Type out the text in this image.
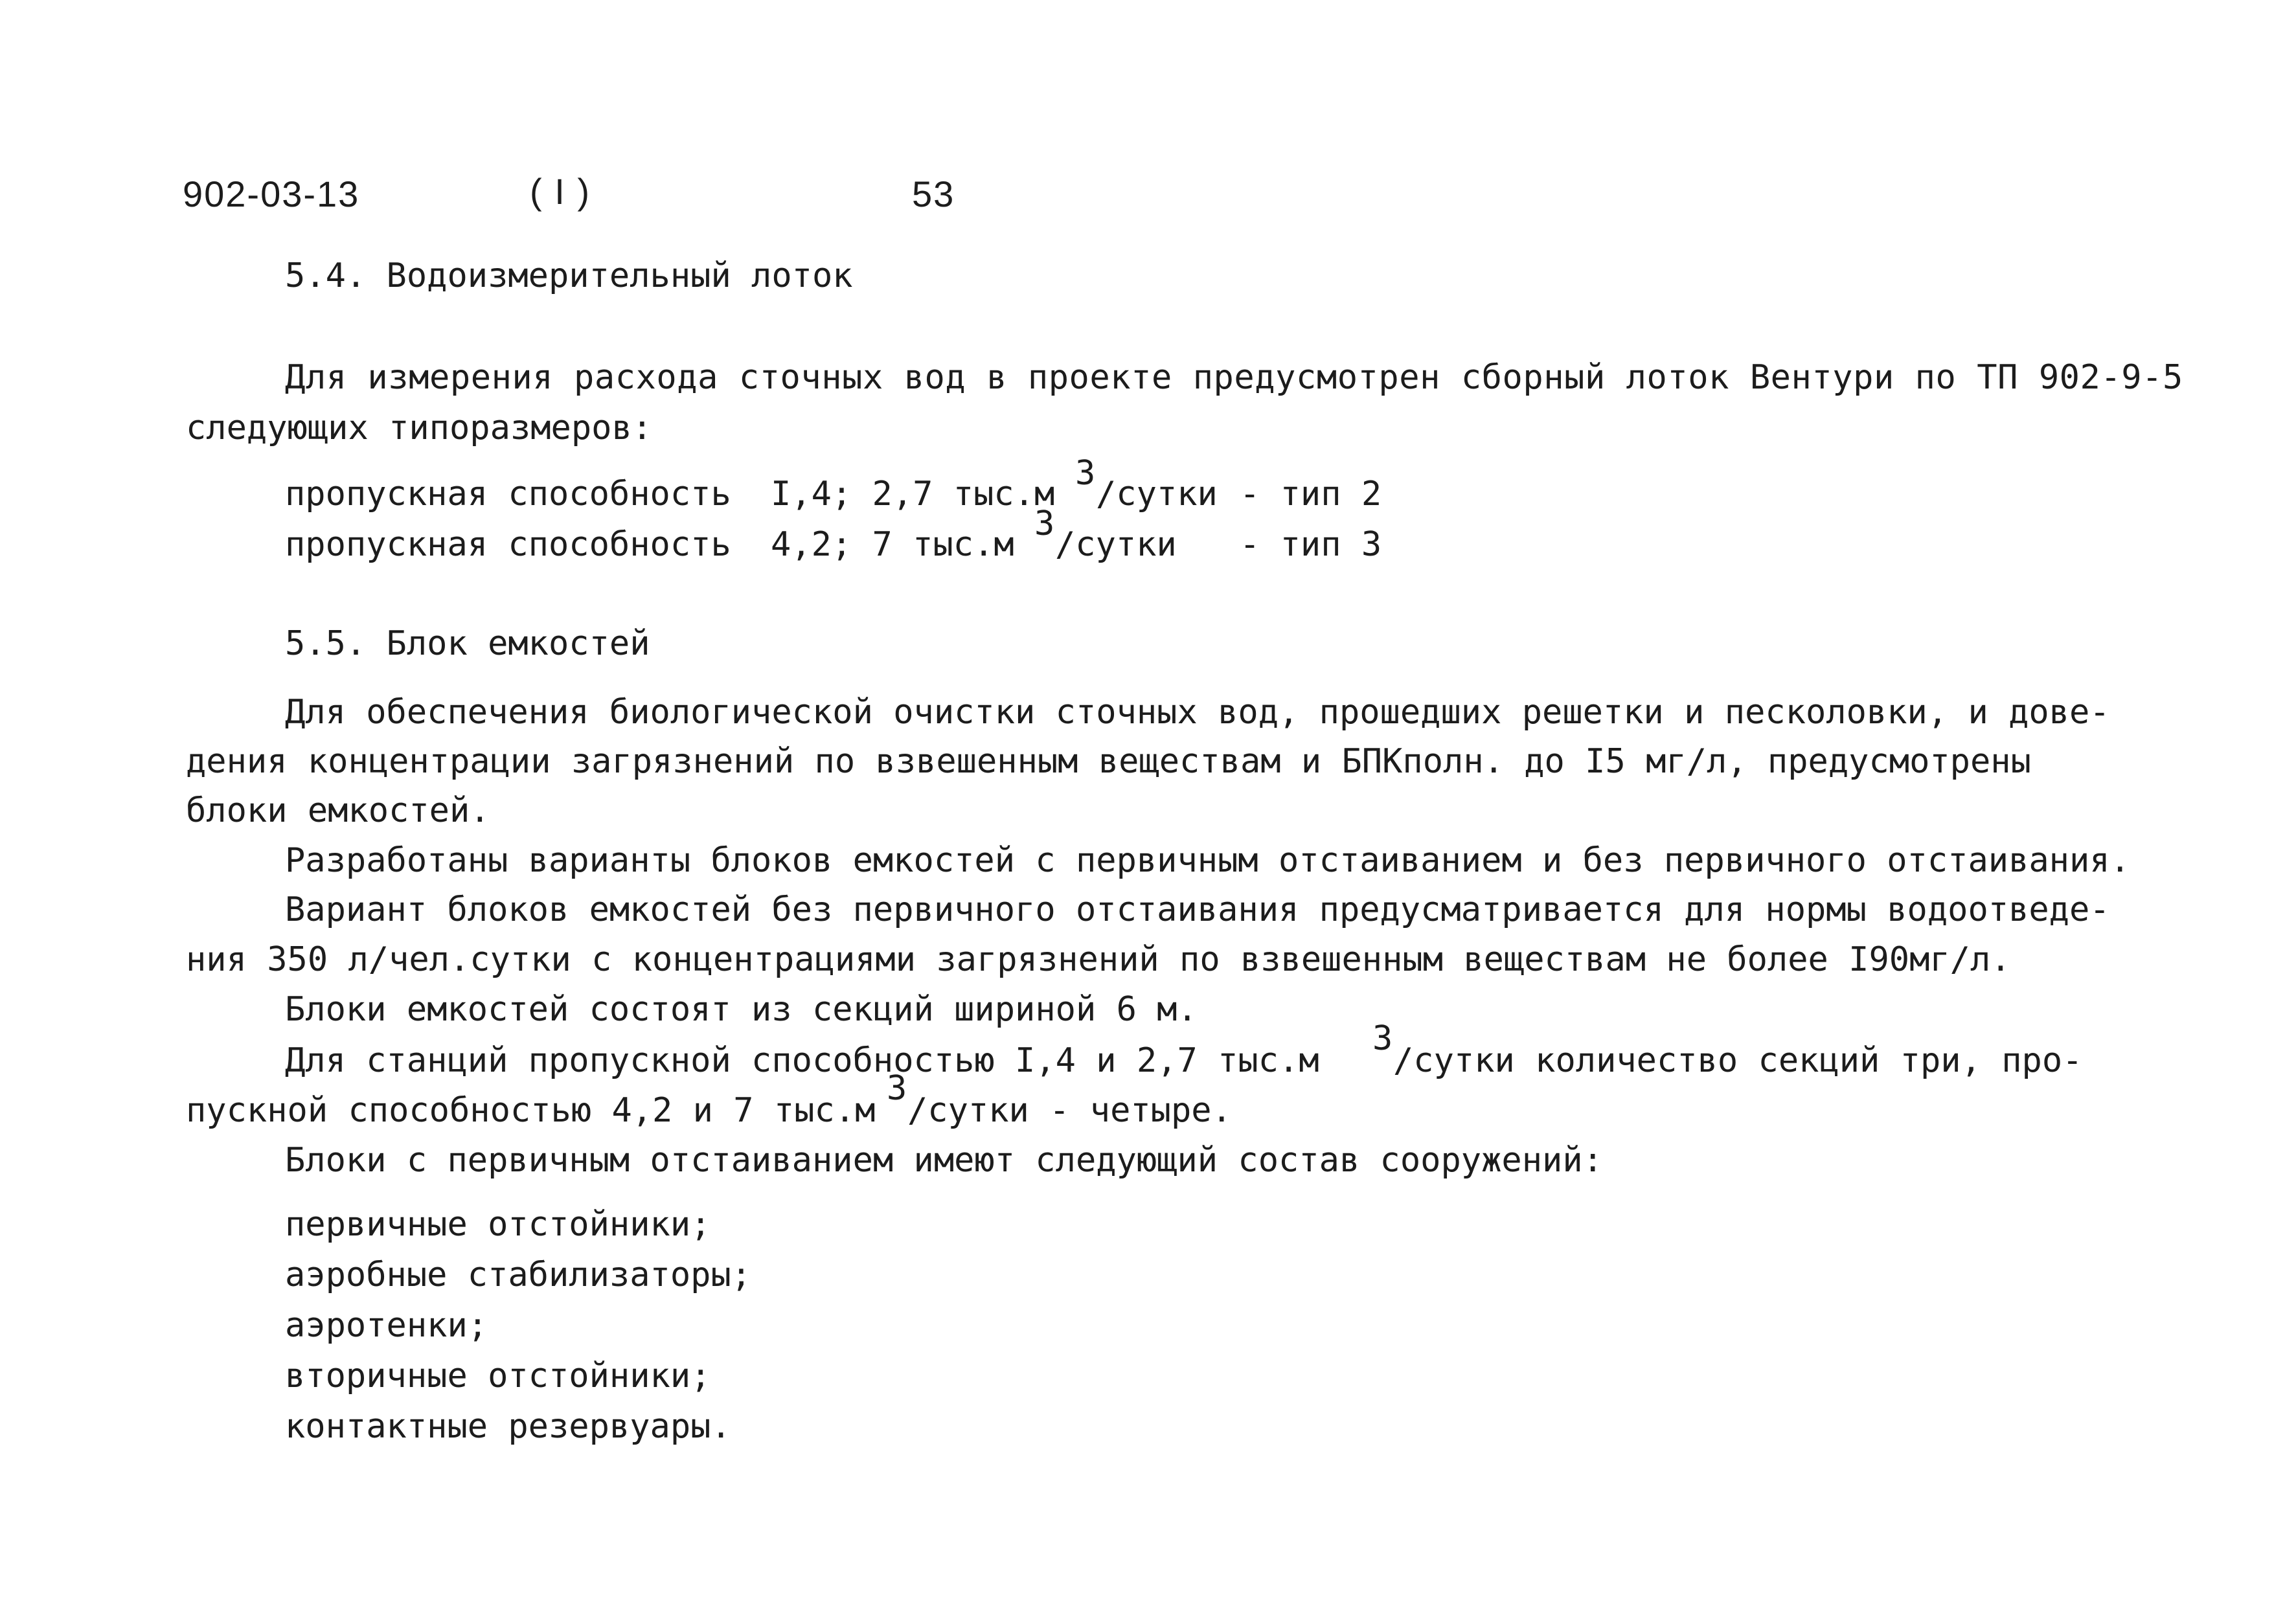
902-03-13	( I )	53
5.4. Водоизмерительный лоток
Для измерения расхода сточных вод в проекте предусмотрен сборный лоток Вентури по ТП 902-9-5
следующих типоразмеров:
пропускная способность I,4; 2,7 тыс.м
3
/сутки - тип 2
пропускная способность 4,2; 7 тыс.м
3
/сутки - тип 3
5.5. Блок емкостей
Для обеспечения биологической очистки сточных вод, прошедших решетки и песколовки, и дове-
дения концентрации загрязнений по взвешенным веществам и БПКполн. до I5 мг/л, предусмотрены
блоки емкостей.
Разработаны варианты блоков емкостей с первичным отстаиванием и без первичного отстаивания.
Вариант блоков емкостей без первичного отстаивания предусматривается для нормы водоотведе-
ния 350 л/чел.сутки с концентрациями загрязнений по взвешенным веществам не более I90мг/л.
Блоки емкостей состоят из секций шириной 6 м.
Для станций пропускной способностью I,4 и 2,7 тыс.м
3
/сутки количество секций три, про-
пускной способностью 4,2 и 7 тыс.м
3
/сутки - четыре.
Блоки с первичным отстаиванием имеют следующий состав сооружений:
первичные отстойники;
аэробные стабилизаторы;
аэротенки;
вторичные отстойники;
контактные резервуары.
